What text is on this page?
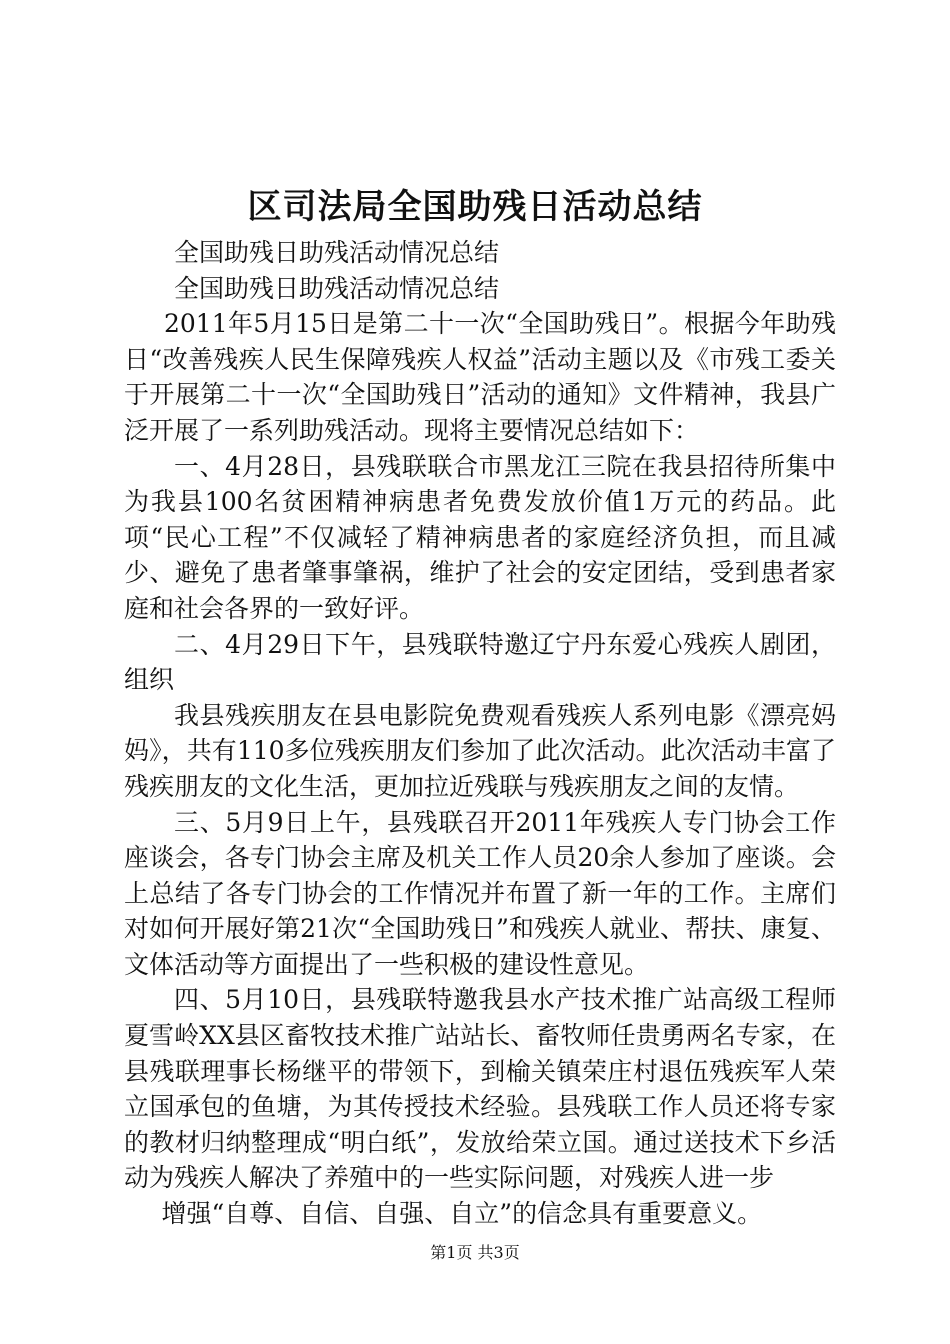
区司法局全国助残日活动总结

全国助残日助残活动情况总结

全国助残日助残活动情况总结

2011年5月15日是第二十一次“全国助残日”。根据今年助残日“改善残疾人民生保障残疾人权益”活动主题以及《市残工委关于开展第二十一次“全国助残日”活动的通知》文件精神，我县广泛开展了一系列助残活动。现将主要情况总结如下：

一、4月28日，县残联联合市黑龙江三院在我县招待所集中为我县100名贫困精神病患者免费发放价值1万元的药品。此项“民心工程”不仅减轻了精神病患者的家庭经济负担，而且减少、避免了患者肇事肇祸，维护了社会的安定团结，受到患者家庭和社会各界的一致好评。

二、4月29日下午，县残联特邀辽宁丹东爱心残疾人剧团，组织

我县残疾朋友在县电影院免费观看残疾人系列电影《漂亮妈妈》，共有110多位残疾朋友们参加了此次活动。此次活动丰富了残疾朋友的文化生活，更加拉近残联与残疾朋友之间的友情。

三、5月9日上午，县残联召开2011年残疾人专门协会工作座谈会，各专门协会主席及机关工作人员20余人参加了座谈。会上总结了各专门协会的工作情况并布置了新一年的工作。主席们对如何开展好第21次“全国助残日”和残疾人就业、帮扶、康复、文体活动等方面提出了一些积极的建设性意见。

四、5月10日，县残联特邀我县水产技术推广站高级工程师夏雪岭XX县区畜牧技术推广站站长、畜牧师任贵勇两名专家，在县残联理事长杨继平的带领下，到榆关镇荣庄村退伍残疾军人荣立国承包的鱼塘，为其传授技术经验。县残联工作人员还将专家的教材归纳整理成“明白纸”，发放给荣立国。通过送技术下乡活动为残疾人解决了养殖中的一些实际问题，对残疾人进一步

增强“自尊、自信、自强、自立”的信念具有重要意义。

第1页 共3页
